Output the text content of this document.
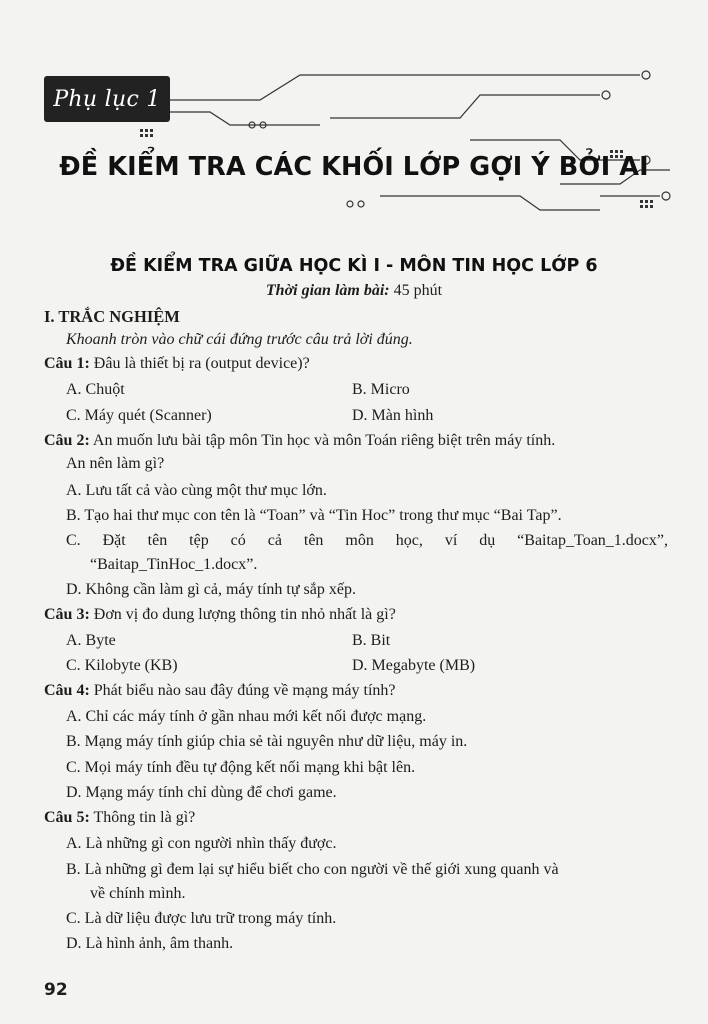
Phụ lục 1
ĐỀ KIỂM TRA CÁC KHỐI LỚP GỢI Ý BỞI AI
ĐỀ KIỂM TRA GIỮA HỌC KÌ I - MÔN TIN HỌC LỚP 6
Thời gian làm bài: 45 phút
I. TRẮC NGHIỆM
Khoanh tròn vào chữ cái đứng trước câu trả lời đúng.
Câu 1: Đâu là thiết bị ra (output device)?
A. Chuột	B. Micro
C. Máy quét (Scanner)	D. Màn hình
Câu 2: An muốn lưu bài tập môn Tin học và môn Toán riêng biệt trên máy tính.
An nên làm gì?
A. Lưu tất cả vào cùng một thư mục lớn.
B. Tạo hai thư mục con tên là “Toan” và “Tin Hoc” trong thư mục “Bai Tap”.
C. Đặt tên tệp có cả tên môn học, ví dụ “Baitap_Toan_1.docx”,
“Baitap_TinHoc_1.docx”.
D. Không cần làm gì cả, máy tính tự sắp xếp.
Câu 3: Đơn vị đo dung lượng thông tin nhỏ nhất là gì?
A. Byte	B. Bit
C. Kilobyte (KB)	D. Megabyte (MB)
Câu 4: Phát biểu nào sau đây đúng về mạng máy tính?
A. Chỉ các máy tính ở gần nhau mới kết nối được mạng.
B. Mạng máy tính giúp chia sẻ tài nguyên như dữ liệu, máy in.
C. Mọi máy tính đều tự động kết nối mạng khi bật lên.
D. Mạng máy tính chỉ dùng để chơi game.
Câu 5: Thông tin là gì?
A. Là những gì con người nhìn thấy được.
B. Là những gì đem lại sự hiểu biết cho con người về thế giới xung quanh và
về chính mình.
C. Là dữ liệu được lưu trữ trong máy tính.
D. Là hình ảnh, âm thanh.
92
